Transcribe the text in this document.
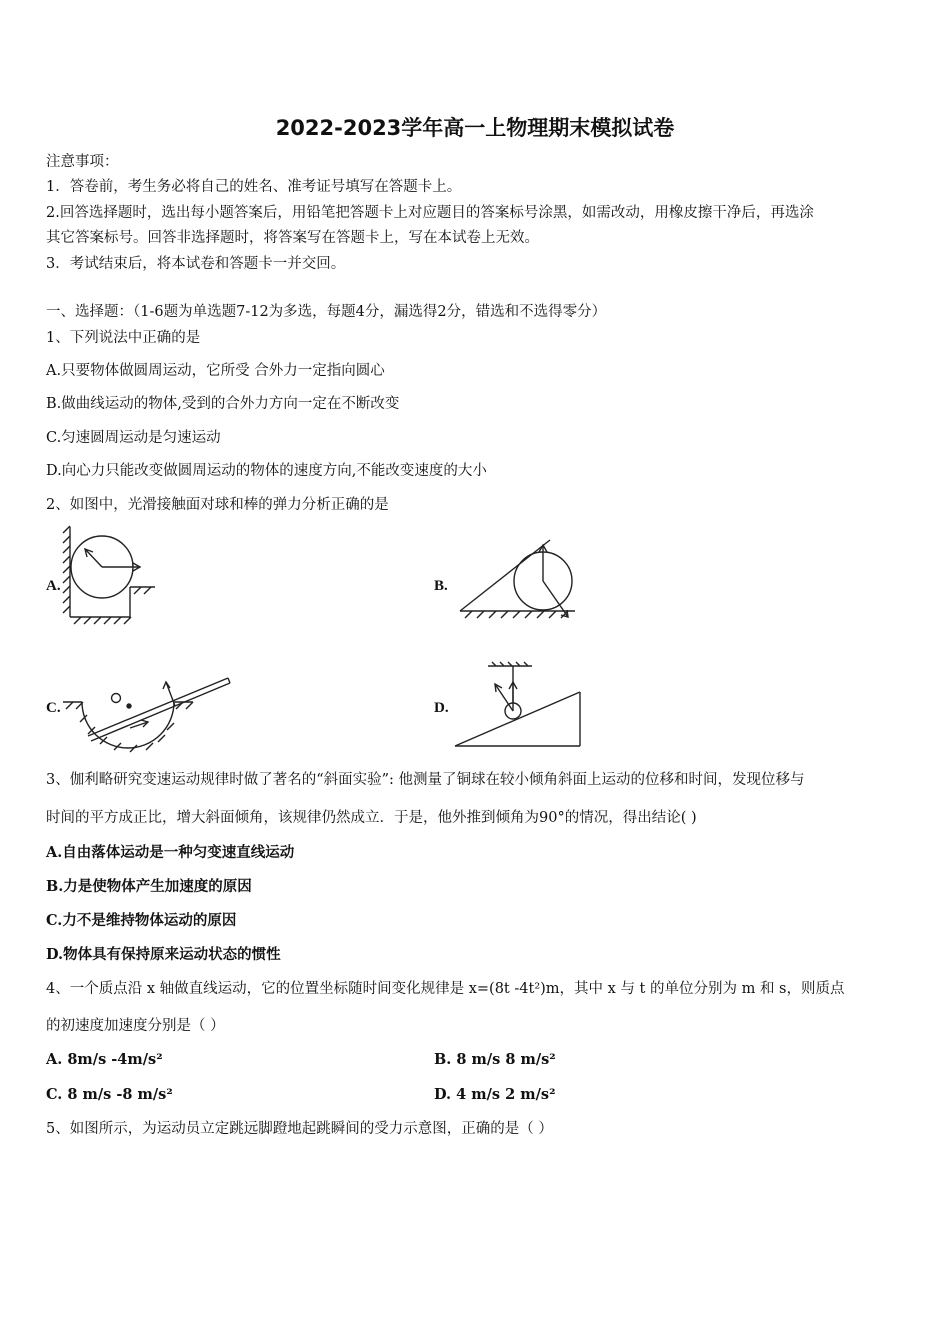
2022-2023学年高一上物理期末模拟试卷
注意事项：
1．答卷前，考生务必将自己的姓名、准考证号填写在答题卡上。
2.回答选择题时，选出每小题答案后，用铅笔把答题卡上对应题目的答案标号涂黑，如需改动，用橡皮擦干净后，再选涂
其它答案标号。回答非选择题时，将答案写在答题卡上，写在本试卷上无效。
3．考试结束后，将本试卷和答题卡一并交回。
一、选择题：（1-6题为单选题7-12为多选，每题4分，漏选得2分，错选和不选得零分）
1、下列说法中正确的是
A.只要物体做圆周运动，它所受 合外力一定指向圆心
B.做曲线运动的物体,受到的合外力方向一定在不断改变
C.匀速圆周运动是匀速运动
D.向心力只能改变做圆周运动的物体的速度方向,不能改变速度的大小
2、如图中，光滑接触面对球和棒的弹力分析正确的是
A.	B.
C.	D.
3、伽利略研究变速运动规律时做了著名的“斜面实验”: 他测量了铜球在较小倾角斜面上运动的位移和时间，发现位移与
时间的平方成正比，增大斜面倾角，该规律仍然成立．于是，他外推到倾角为90°的情况，得出结论( )
A.自由落体运动是一种匀变速直线运动
B.力是使物体产生加速度的原因
C.力不是维持物体运动的原因
D.物体具有保持原来运动状态的惯性
4、一个质点沿 x 轴做直线运动，它的位置坐标随时间变化规律是 x=(8t -4t²)m，其中 x 与 t 的单位分别为 m 和 s，则质点
的初速度加速度分别是（ ）
A. 8m/s -4m/s²	B. 8 m/s 8 m/s²
C. 8 m/s -8 m/s²	D. 4 m/s 2 m/s²
5、如图所示，为运动员立定跳远脚蹬地起跳瞬间的受力示意图，正确的是（ ）
